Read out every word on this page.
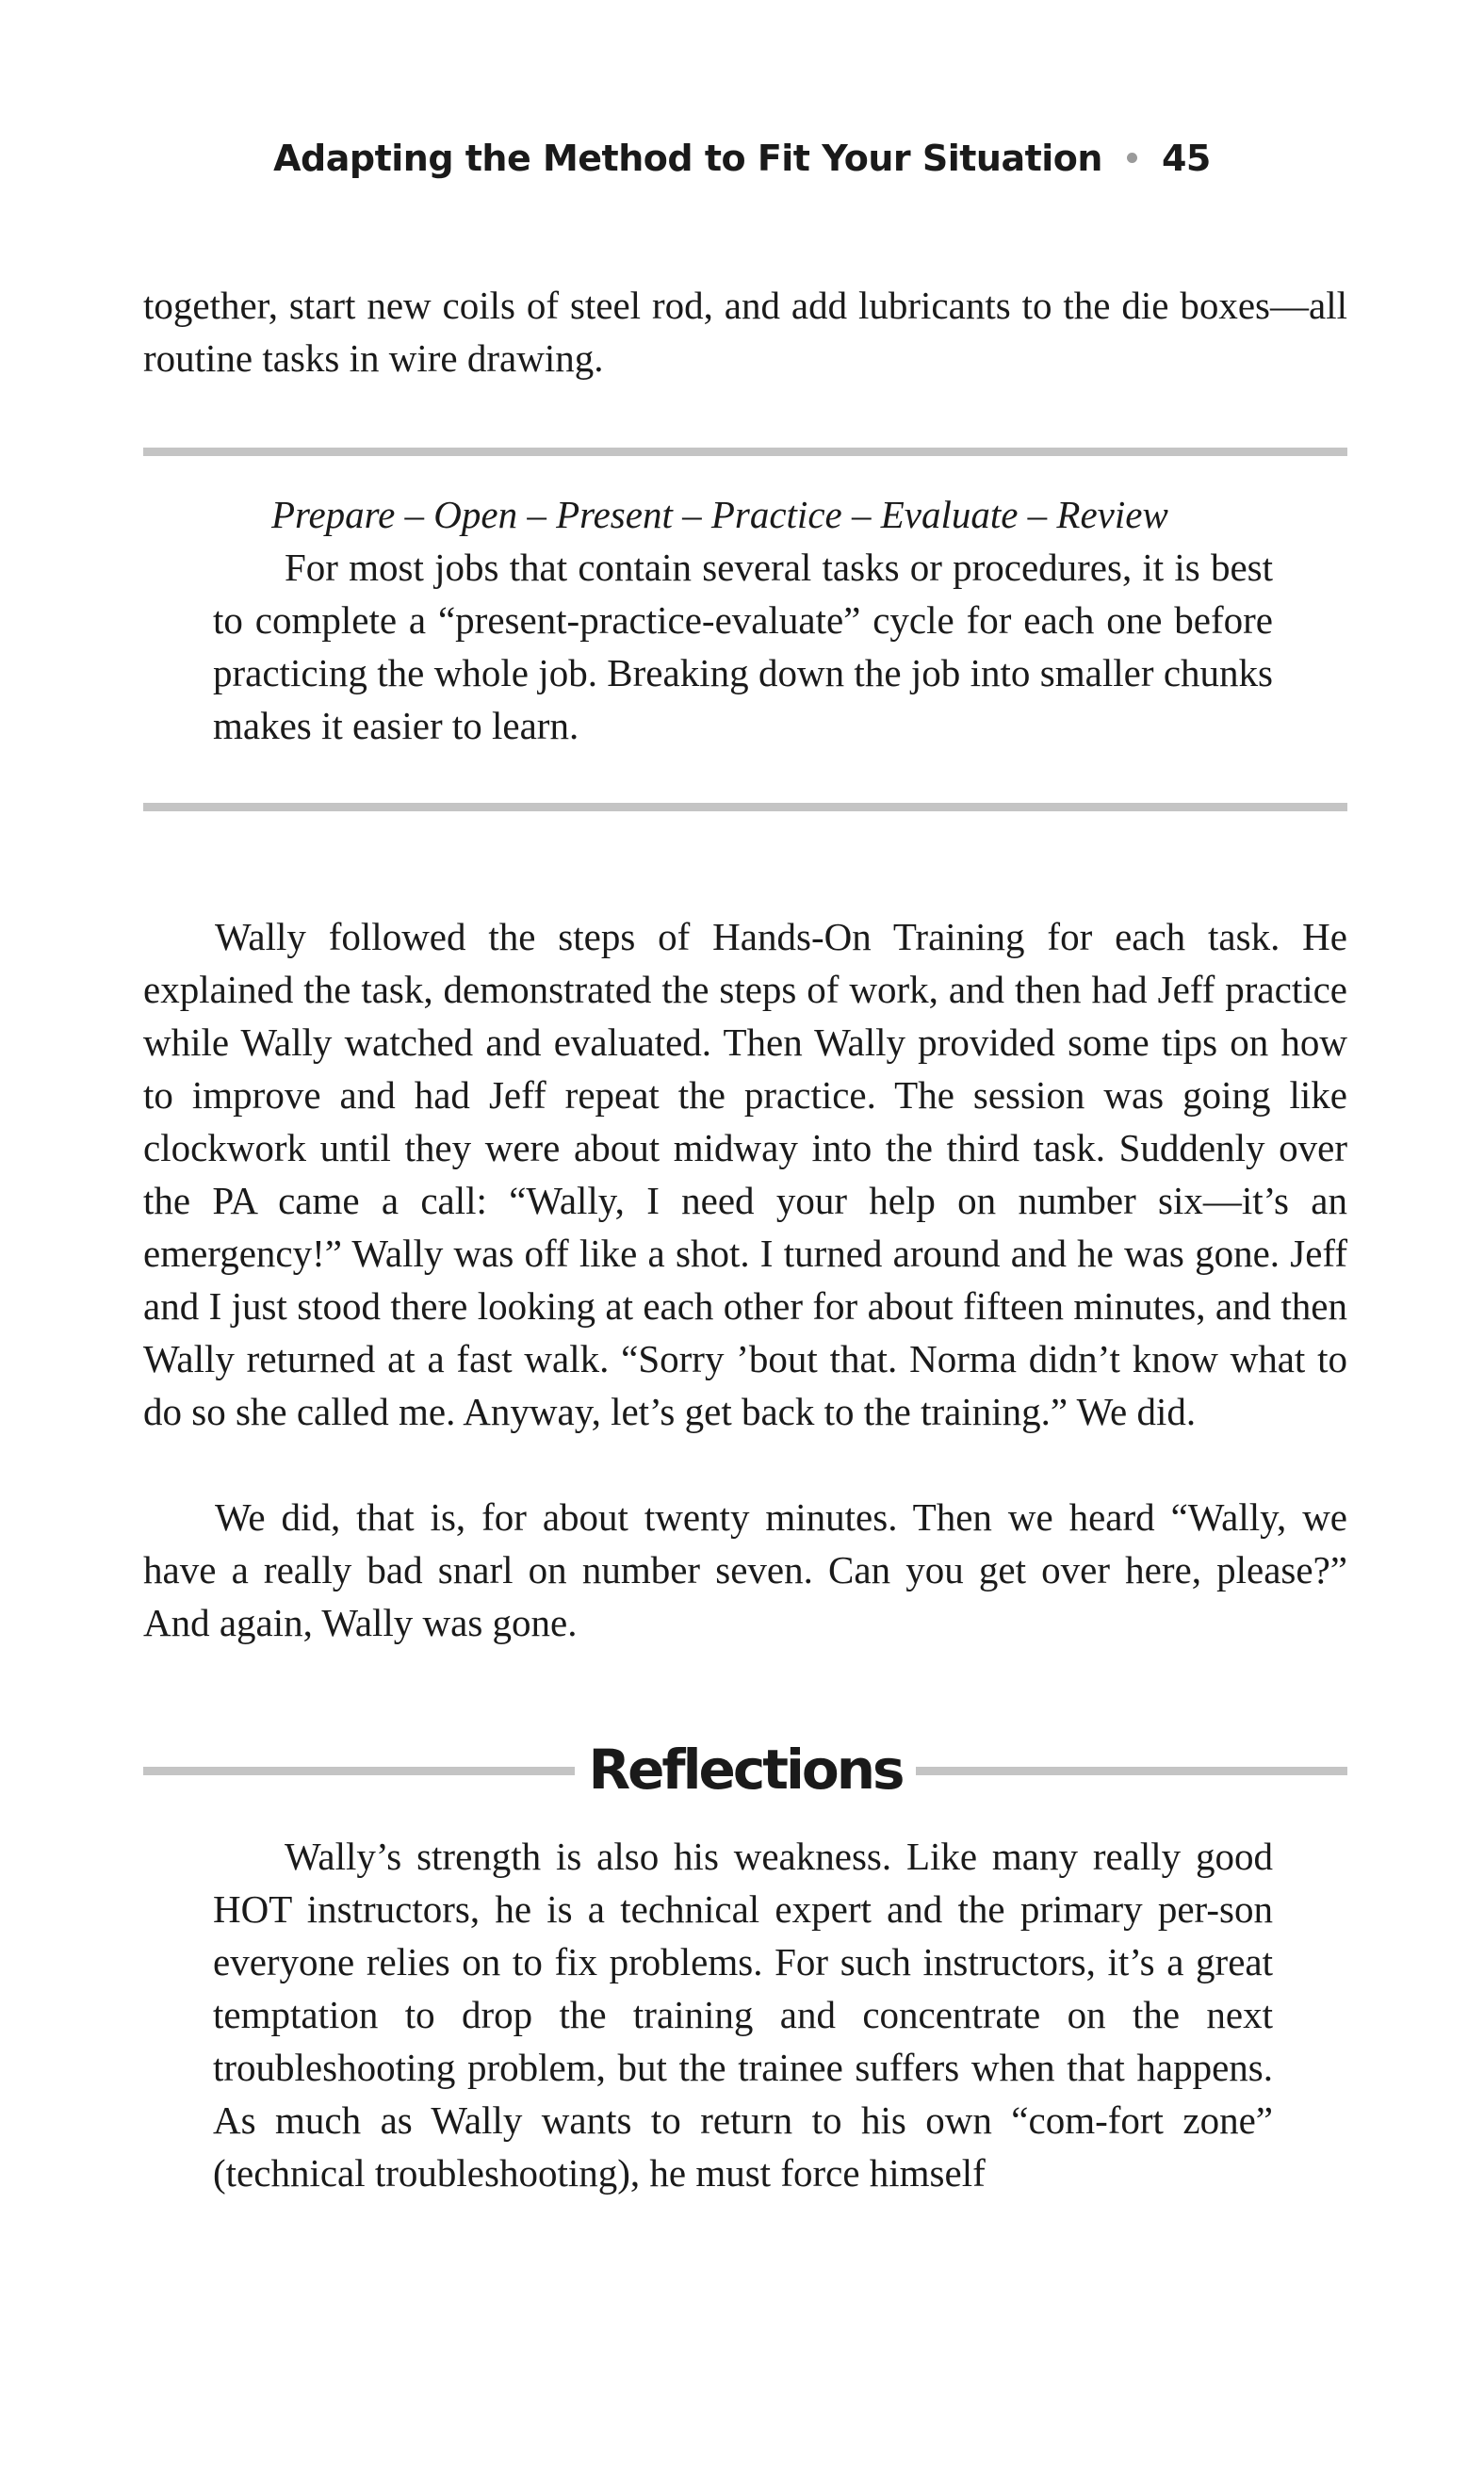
Adapting the Method to Fit Your Situation 45

together, start new coils of steel rod, and add lubricants to the die boxes—all routine tasks in wire drawing.

Prepare – Open – Present – Practice – Evaluate – Review

For most jobs that contain several tasks or procedures, it is best to complete a “present-practice-evaluate” cycle for each one before practicing the whole job. Breaking down the job into smaller chunks makes it easier to learn.

Wally followed the steps of Hands-On Training for each task. He explained the task, demonstrated the steps of work, and then had Jeff practice while Wally watched and evaluated. Then Wally provided some tips on how to improve and had Jeff repeat the practice. The session was going like clockwork until they were about midway into the third task. Suddenly over the PA came a call: “Wally, I need your help on number six—it’s an emergency!” Wally was off like a shot. I turned around and he was gone. Jeff and I just stood there looking at each other for about fifteen minutes, and then Wally returned at a fast walk. “Sorry ’bout that. Norma didn’t know what to do so she called me. Anyway, let’s get back to the training.” We did.

We did, that is, for about twenty minutes. Then we heard “Wally, we have a really bad snarl on number seven. Can you get over here, please?” And again, Wally was gone.

Reflections

Wally’s strength is also his weakness. Like many really good HOT instructors, he is a technical expert and the primary per-son everyone relies on to fix problems. For such instructors, it’s a great temptation to drop the training and concentrate on the next troubleshooting problem, but the trainee suffers when that happens. As much as Wally wants to return to his own “com-fort zone” (technical troubleshooting), he must force himself
